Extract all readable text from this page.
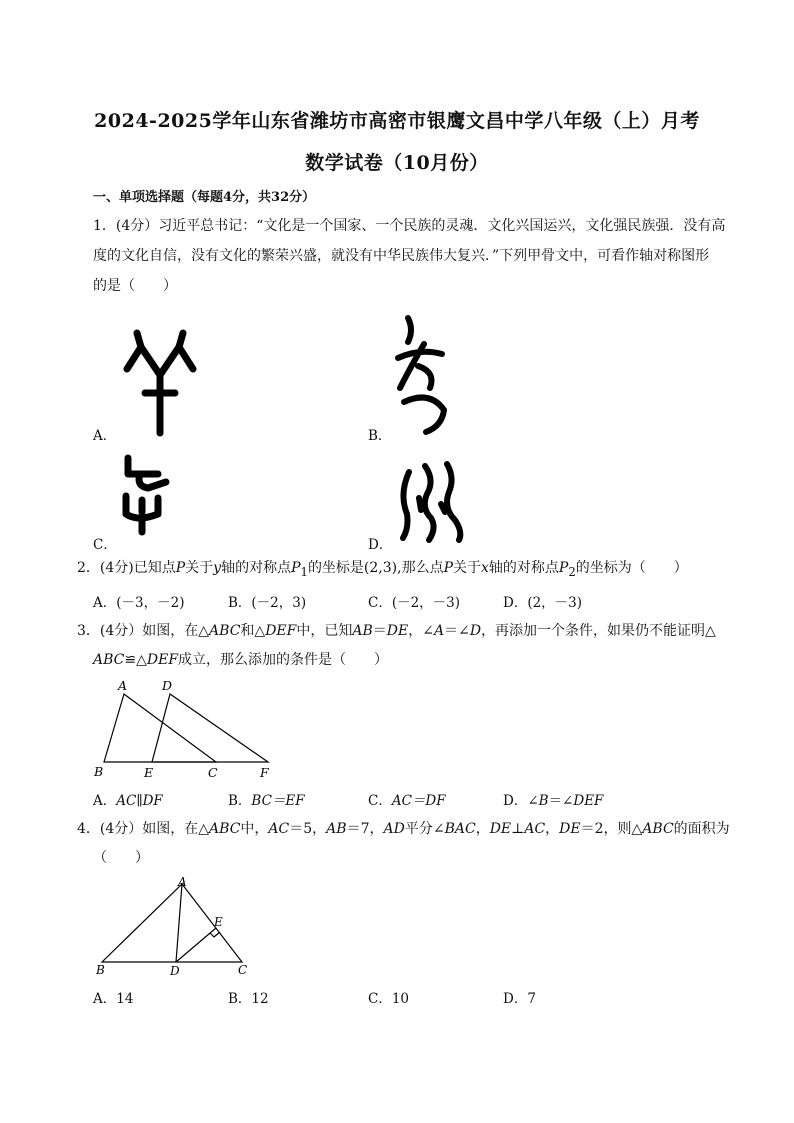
2024-2025学年山东省潍坊市高密市银鹰文昌中学八年级（上）月考
数学试卷（10月份）
一、单项选择题（每题4分，共32分）
1．(4分）习近平总书记：“文化是一个国家、一个民族的灵魂．文化兴国运兴，文化强民族强．没有高
度的文化自信，没有文化的繁荣兴盛，就没有中华民族伟大复兴．”下列甲骨文中，可看作轴对称图形
的是（　　）
A．	B．
C．	D．
2．(4分)已知点P关于y轴的对称点$P_1$的坐标是(2,3),那么点P关于x轴的对称点$P_2$的坐标为（　　）
A．(－3，－2)	B．(－2，3)	C．(－2，－3)	D．(2，－3)
3．(4分）如图，在△ABC和△DEF中，已知AB＝DE，∠A＝∠D，再添加一个条件，如果仍不能证明△
ABC≌△DEF成立，那么添加的条件是（　　）
A	D
B	E	C	F
A．AC∥DF	B．BC＝EF	C．AC＝DF	D．∠B＝∠DEF
4．(4分）如图，在△ABC中，AC＝5，AB＝7，AD平分∠BAC，DE⊥AC，DE＝2，则△ABC的面积为
（　　）
A
E
B	D	C
A．14	B．12	C．10	D．7
